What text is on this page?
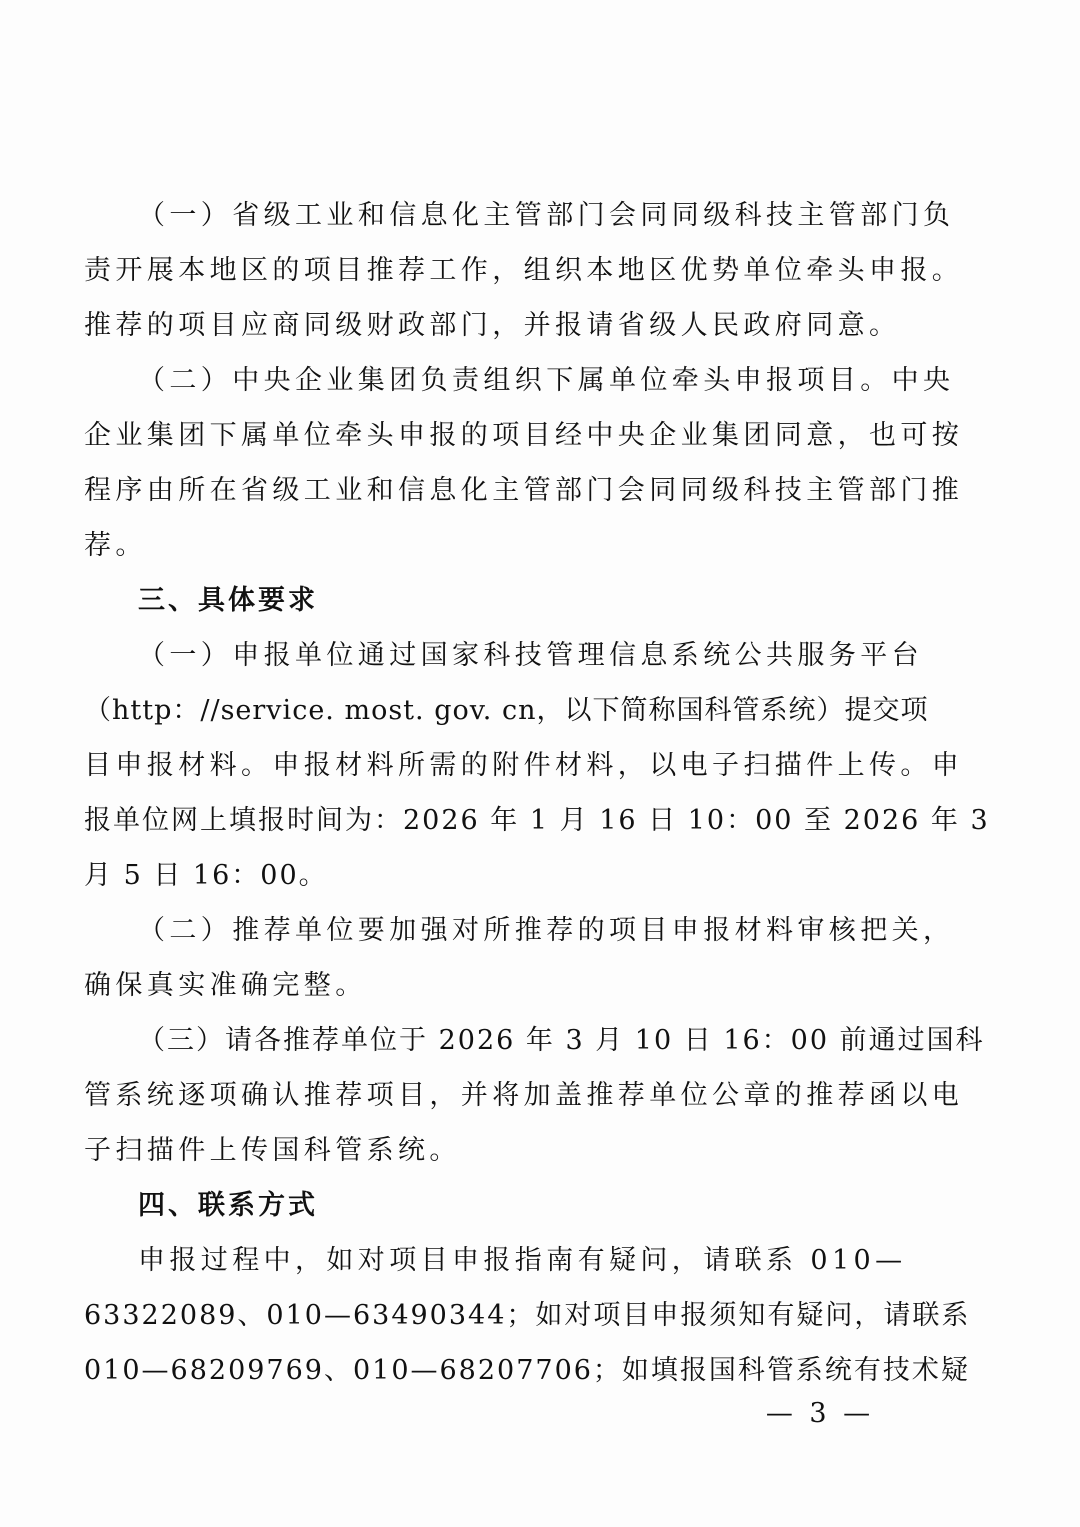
（一）省级工业和信息化主管部门会同同级科技主管部门负
责开展本地区的项目推荐工作，组织本地区优势单位牵头申报。
推荐的项目应商同级财政部门，并报请省级人民政府同意。
（二）中央企业集团负责组织下属单位牵头申报项目。中央
企业集团下属单位牵头申报的项目经中央企业集团同意，也可按
程序由所在省级工业和信息化主管部门会同同级科技主管部门推
荐。
三、具体要求
（一）申报单位通过国家科技管理信息系统公共服务平台
（http：//service. most. gov. cn，以下简称国科管系统）提交项
目申报材料。申报材料所需的附件材料，以电子扫描件上传。申
报单位网上填报时间为：2026 年 1 月 16 日 10：00 至 2026 年 3
月 5 日 16：00。
（二）推荐单位要加强对所推荐的项目申报材料审核把关，
确保真实准确完整。
（三）请各推荐单位于 2026 年 3 月 10 日 16：00 前通过国科
管系统逐项确认推荐项目，并将加盖推荐单位公章的推荐函以电
子扫描件上传国科管系统。
四、联系方式
申报过程中，如对项目申报指南有疑问，请联系 010—
63322089、010—63490344；如对项目申报须知有疑问，请联系
010—68209769、010—68207706；如填报国科管系统有技术疑
— 3 —
